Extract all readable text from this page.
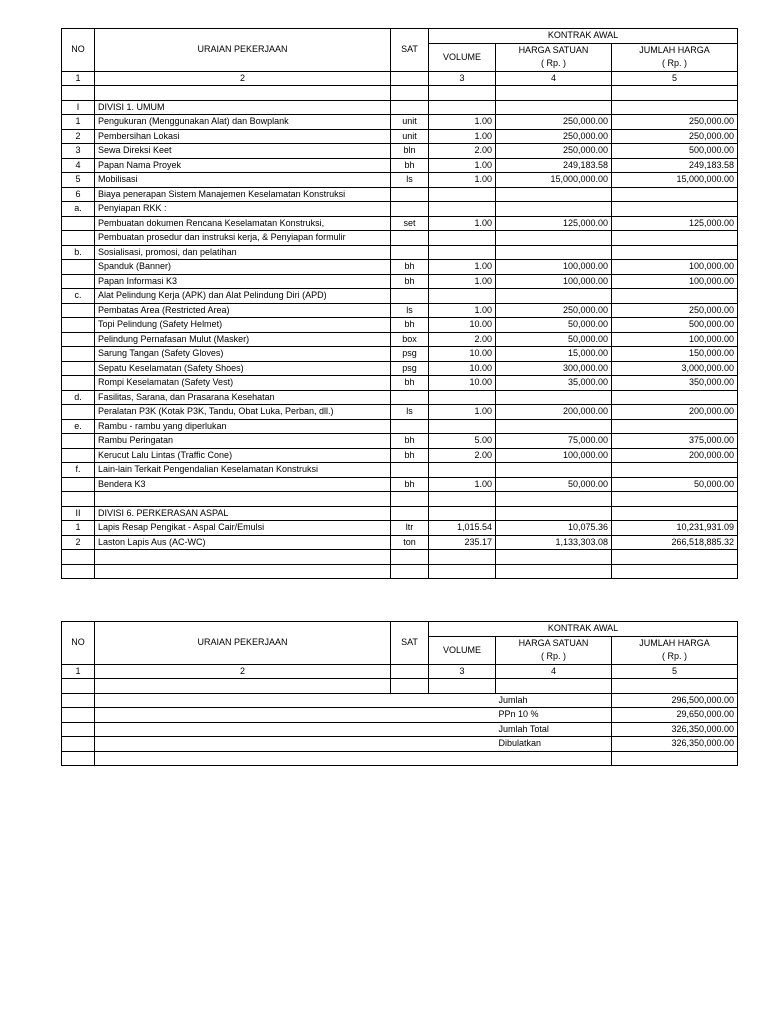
NO	URAIAN PEKERJAAN	SAT	KONTRAK AWAL		
			VOLUME	HARGA SATUAN	JUMLAH HARGA
				( Rp. )	( Rp. )
1	2		3	4	5

I	DIVISI 1. UMUM				
1	Pengukuran (Menggunakan Alat) dan Bowplank	unit	1.00	250,000.00	250,000.00
2	Pembersihan Lokasi	unit	1.00	250,000.00	250,000.00
3	Sewa Direksi Keet	bln	2.00	250,000.00	500,000.00
4	Papan Nama Proyek	bh	1.00	249,183.58	249,183.58
5	Mobilisasi	ls	1.00	15,000,000.00	15,000,000.00
6	Biaya penerapan Sistem Manajemen Keselamatan Konstruksi				
a.	Penyiapan RKK :				
	Pembuatan dokumen Rencana Keselamatan Konstruksi,	set	1.00	125,000.00	125,000.00
	Pembuatan prosedur dan instruksi kerja, & Penyiapan formulir				
b.	Sosialisasi, promosi, dan pelatihan				
	Spanduk (Banner)	bh	1.00	100,000.00	100,000.00
	Papan Informasi K3	bh	1.00	100,000.00	100,000.00
c.	Alat Pelindung Kerja (APK) dan Alat Pelindung Diri (APD)				
	Pembatas Area (Restricted Area)	ls	1.00	250,000.00	250,000.00
	Topi Pelindung (Safety Helmet)	bh	10.00	50,000.00	500,000.00
	Pelindung Pernafasan Mulut (Masker)	box	2.00	50,000.00	100,000.00
	Sarung Tangan (Safety Gloves)	psg	10.00	15,000.00	150,000.00
	Sepatu Keselamatan (Safety Shoes)	psg	10.00	300,000.00	3,000,000.00
	Rompi Keselamatan (Safety Vest)	bh	10.00	35,000.00	350,000.00
d.	Fasilitas, Sarana, dan Prasarana Kesehatan				
	Peralatan P3K (Kotak P3K, Tandu, Obat Luka, Perban, dll.)	ls	1.00	200,000.00	200,000.00
e.	Rambu - rambu yang diperlukan				
	Rambu Peringatan	bh	5.00	75,000.00	375,000.00
	Kerucut Lalu Lintas (Traffic Cone)	bh	2.00	100,000.00	200,000.00
f.	Lain-lain Terkait Pengendalian Keselamatan Konstruksi				
	Bendera K3	bh	1.00	50,000.00	50,000.00

II	DIVISI 6. PERKERASAN ASPAL				
1	Lapis Resap Pengikat - Aspal Cair/Emulsi	ltr	1,015.54	10,075.36	10,231,931.09
2	Laston Lapis Aus (AC-WC)	ton	235.17	1,133,303.08	266,518,885.32

NO	URAIAN PEKERJAAN	SAT	KONTRAK AWAL		
			VOLUME	HARGA SATUAN	JUMLAH HARGA
				( Rp. )	( Rp. )
1	2		3	4	5

				Jumlah	296,500,000.00
				PPn 10 %	29,650,000.00
				Jumlah Total	326,350,000.00
				Dibulatkan	326,350,000.00
